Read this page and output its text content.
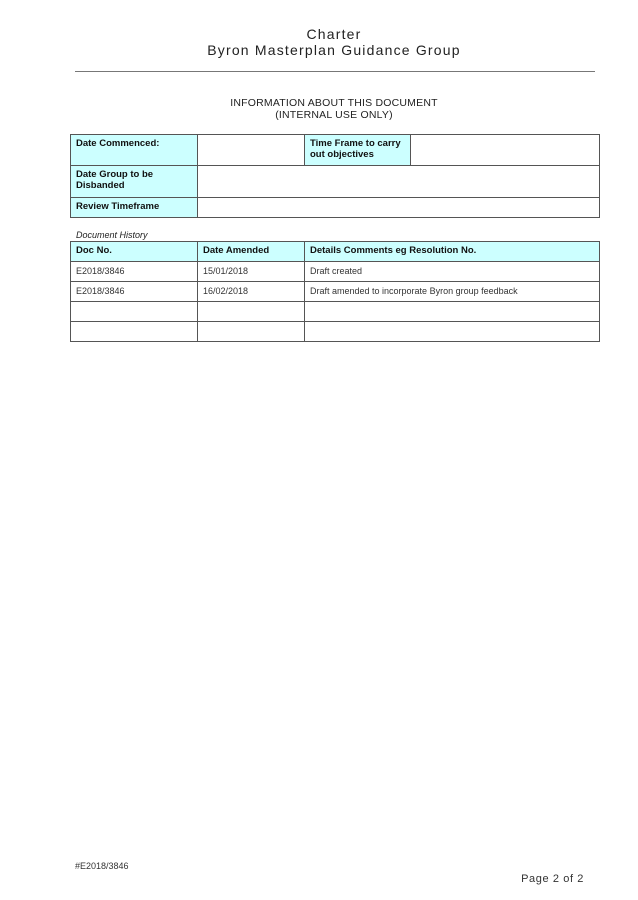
Charter
Byron Masterplan Guidance Group
INFORMATION ABOUT THIS DOCUMENT
(INTERNAL USE ONLY)
Date Commenced:		Time Frame to carry out objectives	
Date Group to be Disbanded			
Review Timeframe			
Document History
Doc No.	Date Amended	Details Comments eg Resolution No.
E2018/3846	15/01/2018	Draft created
E2018/3846	16/02/2018	Draft amended to incorporate Byron group feedback

#E2018/3846
Page 2 of 2
